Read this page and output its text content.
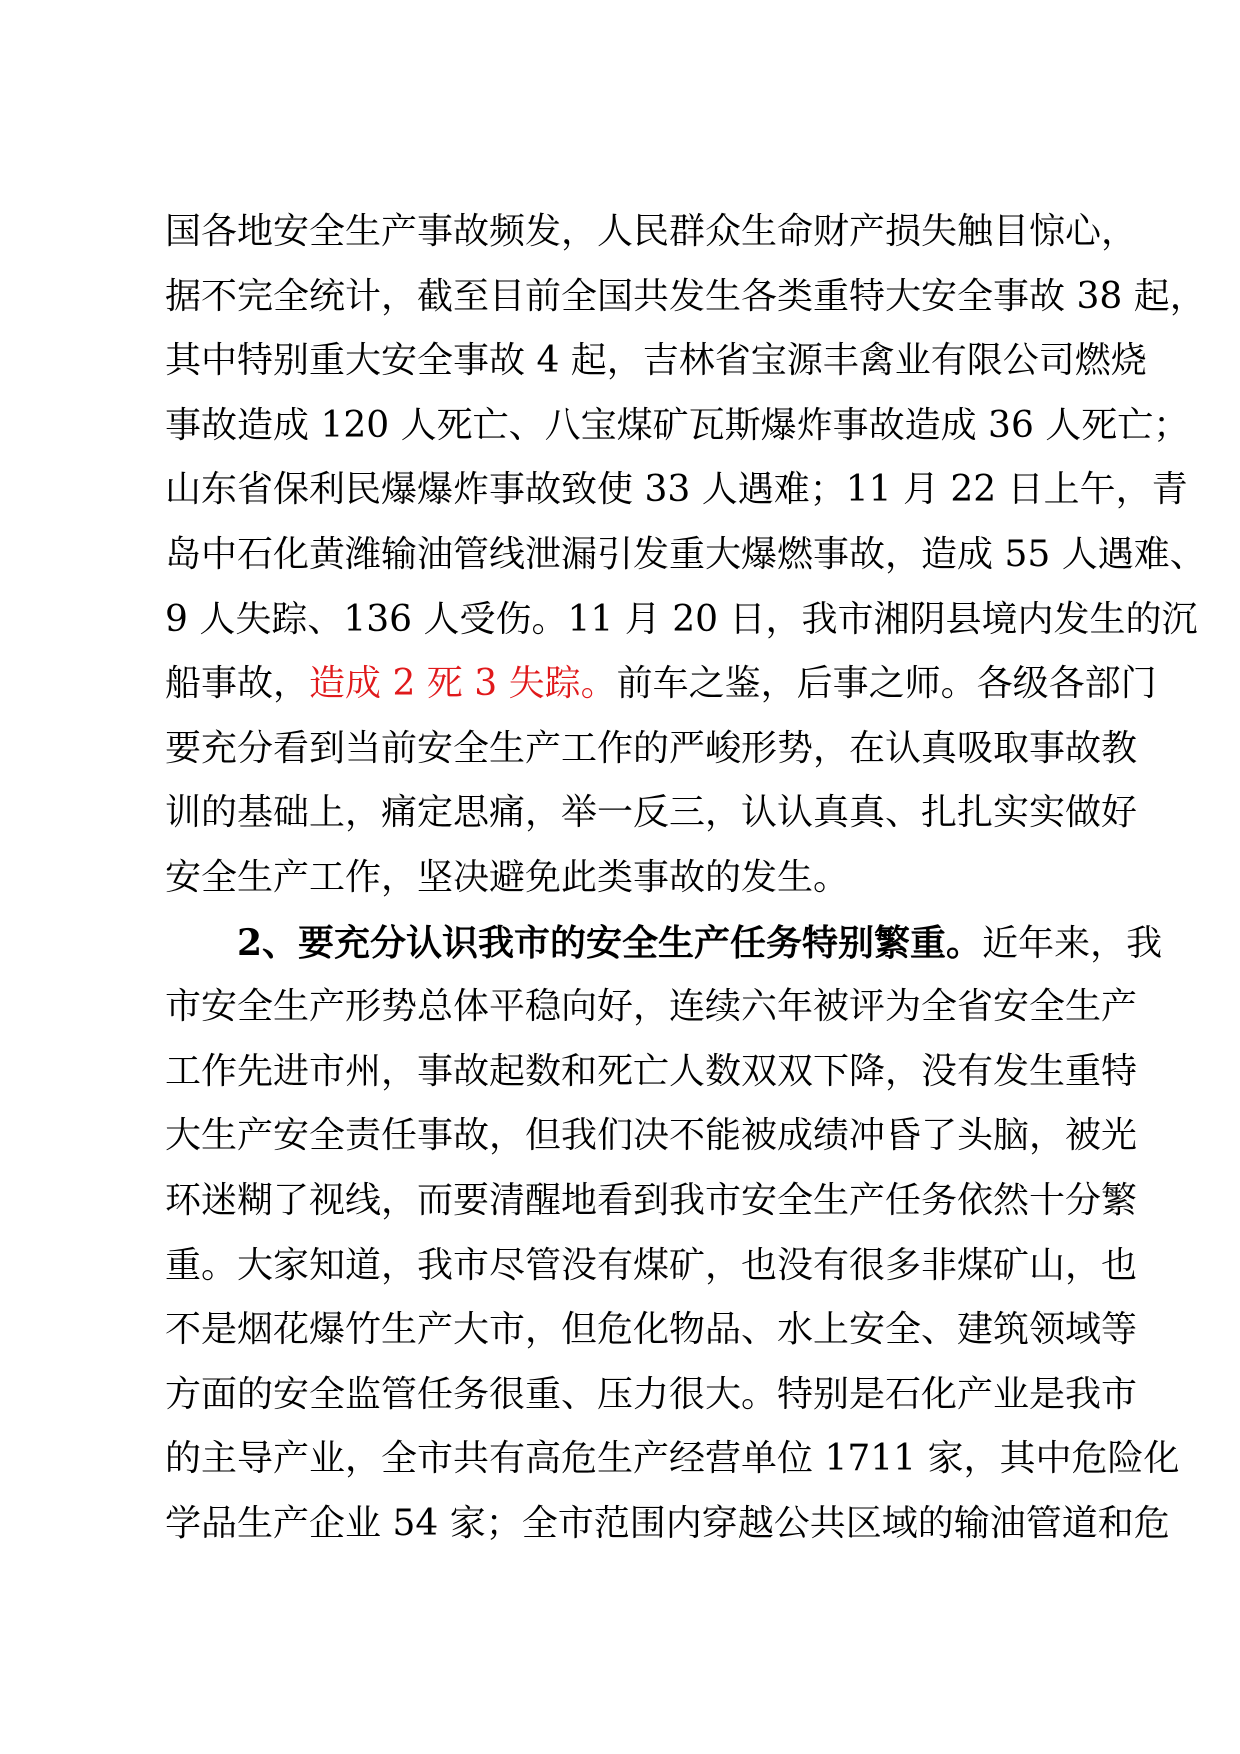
国各地安全生产事故频发，人民群众生命财产损失触目惊心，
据不完全统计，截至目前全国共发生各类重特大安全事故 38 起，
其中特别重大安全事故 4 起，吉林省宝源丰禽业有限公司燃烧
事故造成 120 人死亡、八宝煤矿瓦斯爆炸事故造成 36 人死亡；
山东省保利民爆爆炸事故致使 33 人遇难；11 月 22 日上午，青
岛中石化黄潍输油管线泄漏引发重大爆燃事故，造成 55 人遇难、
9 人失踪、136 人受伤。11 月 20 日，我市湘阴县境内发生的沉
船事故，造成 2 死 3 失踪。前车之鉴，后事之师。各级各部门
要充分看到当前安全生产工作的严峻形势，在认真吸取事故教
训的基础上，痛定思痛，举一反三，认认真真、扎扎实实做好
安全生产工作，坚决避免此类事故的发生。
2、要充分认识我市的安全生产任务特别繁重。近年来，我
市安全生产形势总体平稳向好，连续六年被评为全省安全生产
工作先进市州，事故起数和死亡人数双双下降，没有发生重特
大生产安全责任事故，但我们决不能被成绩冲昏了头脑，被光
环迷糊了视线，而要清醒地看到我市安全生产任务依然十分繁
重。大家知道，我市尽管没有煤矿，也没有很多非煤矿山，也
不是烟花爆竹生产大市，但危化物品、水上安全、建筑领域等
方面的安全监管任务很重、压力很大。特别是石化产业是我市
的主导产业，全市共有高危生产经营单位 1711 家，其中危险化
学品生产企业 54 家；全市范围内穿越公共区域的输油管道和危
